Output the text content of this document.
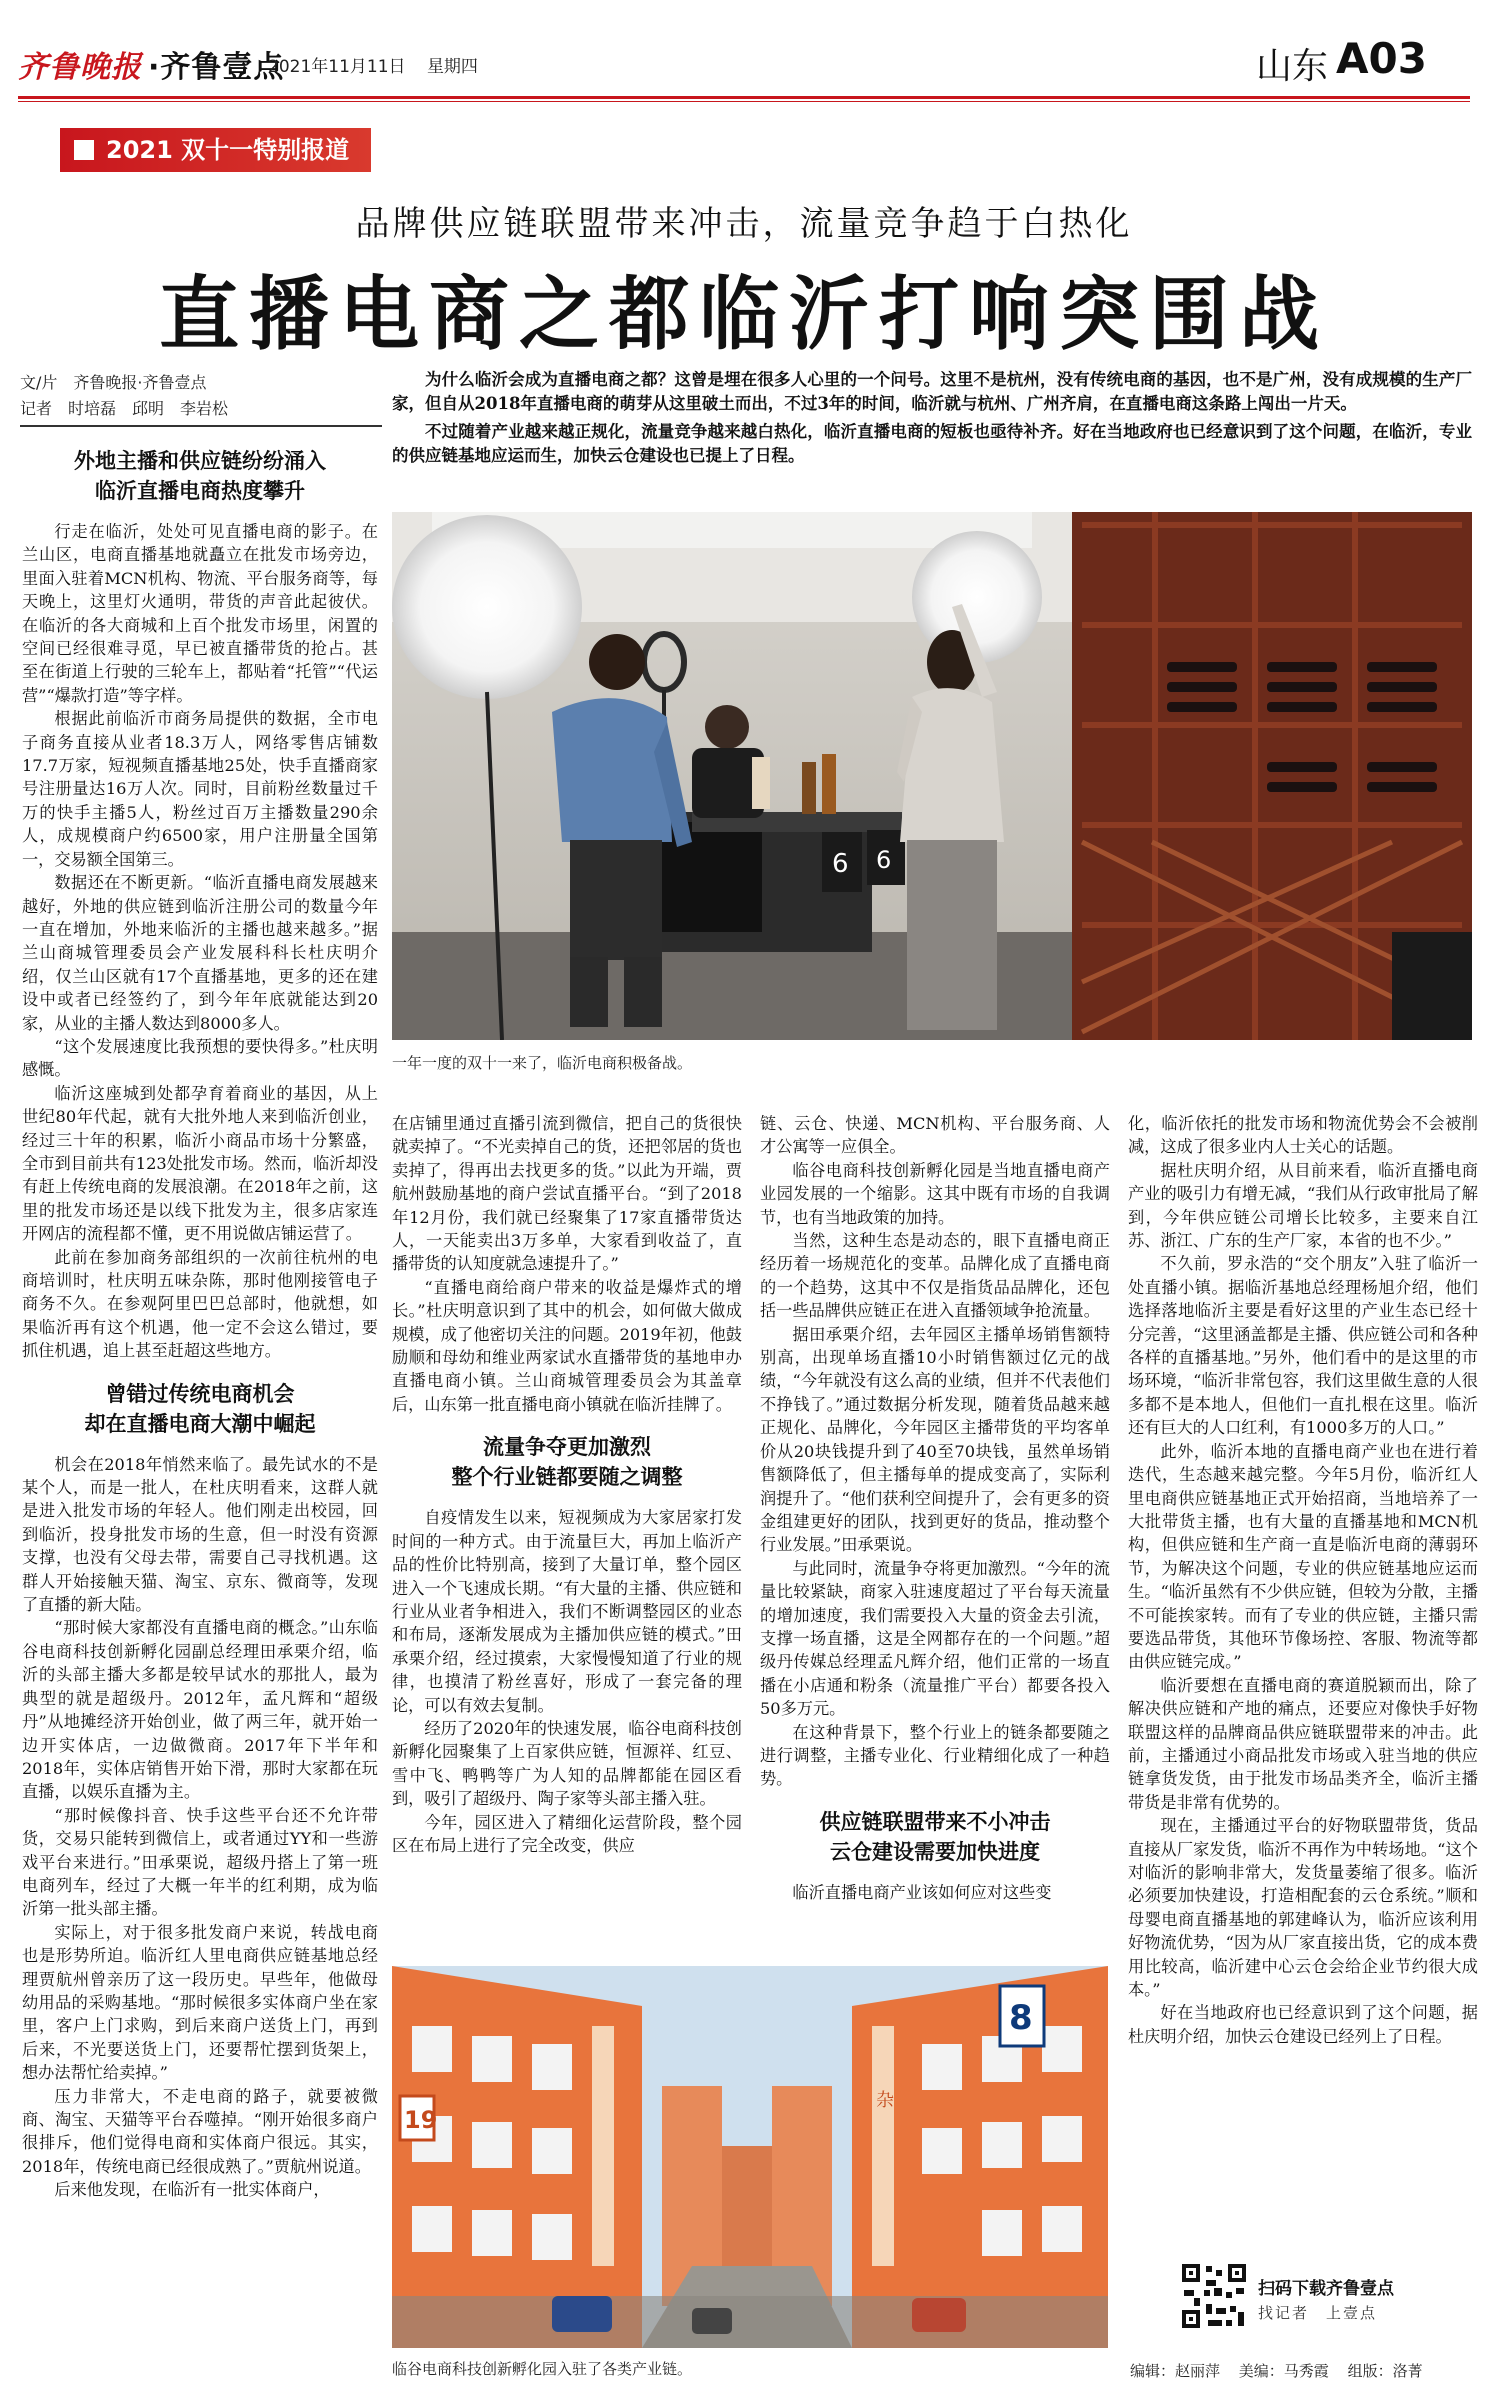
齐鲁晚报 ·齐鲁壹点
2021年11月11日 星期四	山东 A03
2021 双十一特别报道
品牌供应链联盟带来冲击，流量竞争趋于白热化
直播电商之都临沂打响突围战
文/片　齐鲁晚报·齐鲁壹点
记者　时培磊　邱明　李岩松

为什么临沂会成为直播电商之都？这曾是埋在很多人心里的一个问号。这里不是杭州，没有传统电商的基因，也不是广州，没有成规模的生产厂家，但自从2018年直播电商的萌芽从这里破土而出，不过3年的时间，临沂就与杭州、广州齐肩，在直播电商这条路上闯出一片天。

不过随着产业越来越正规化，流量竞争越来越白热化，临沂直播电商的短板也亟待补齐。好在当地政府也已经意识到了这个问题，在临沂，专业的供应链基地应运而生，加快云仓建设也已提上了日程。

6 6
一年一度的双十一来了，临沂电商积极备战。
外地主播和供应链纷纷涌入
临沂直播电商热度攀升

行走在临沂，处处可见直播电商的影子。在兰山区，电商直播基地就矗立在批发市场旁边，里面入驻着MCN机构、物流、平台服务商等，每天晚上，这里灯火通明，带货的声音此起彼伏。在临沂的各大商城和上百个批发市场里，闲置的空间已经很难寻觅，早已被直播带货的抢占。甚至在街道上行驶的三轮车上，都贴着“托管”“代运营”“爆款打造”等字样。

根据此前临沂市商务局提供的数据，全市电子商务直接从业者18.3万人，网络零售店铺数17.7万家，短视频直播基地25处，快手直播商家号注册量达16万人次。同时，目前粉丝数量过千万的快手主播5人，粉丝过百万主播数量290余人，成规模商户约6500家，用户注册量全国第一，交易额全国第三。

数据还在不断更新。“临沂直播电商发展越来越好，外地的供应链到临沂注册公司的数量今年一直在增加，外地来临沂的主播也越来越多。”据兰山商城管理委员会产业发展科科长杜庆明介绍，仅兰山区就有17个直播基地，更多的还在建设中或者已经签约了，到今年年底就能达到20家，从业的主播人数达到8000多人。

“这个发展速度比我预想的要快得多。”杜庆明感慨。

临沂这座城到处都孕育着商业的基因，从上世纪80年代起，就有大批外地人来到临沂创业，经过三十年的积累，临沂小商品市场十分繁盛，全市到目前共有123处批发市场。然而，临沂却没有赶上传统电商的发展浪潮。在2018年之前，这里的批发市场还是以线下批发为主，很多店家连开网店的流程都不懂，更不用说做店铺运营了。

此前在参加商务部组织的一次前往杭州的电商培训时，杜庆明五味杂陈，那时他刚接管电子商务不久。在参观阿里巴巴总部时，他就想，如果临沂再有这个机遇，他一定不会这么错过，要抓住机遇，追上甚至赶超这些地方。

曾错过传统电商机会
却在直播电商大潮中崛起

机会在2018年悄然来临了。最先试水的不是某个人，而是一批人，在杜庆明看来，这群人就是进入批发市场的年轻人。他们刚走出校园，回到临沂，投身批发市场的生意，但一时没有资源支撑，也没有父母去带，需要自己寻找机遇。这群人开始接触天猫、淘宝、京东、微商等，发现了直播的新大陆。

“那时候大家都没有直播电商的概念。”山东临谷电商科技创新孵化园副总经理田承栗介绍，临沂的头部主播大多都是较早试水的那批人，最为典型的就是超级丹。2012年，孟凡辉和“超级丹”从地摊经济开始创业，做了两三年，就开始一边开实体店，一边做微商。2017年下半年和2018年，实体店销售开始下滑，那时大家都在玩直播，以娱乐直播为主。

“那时候像抖音、快手这些平台还不允许带货，交易只能转到微信上，或者通过YY和一些游戏平台来进行。”田承栗说，超级丹搭上了第一班电商列车，经过了大概一年半的红利期，成为临沂第一批头部主播。

实际上，对于很多批发商户来说，转战电商也是形势所迫。临沂红人里电商供应链基地总经理贾航州曾亲历了这一段历史。早些年，他做母幼用品的采购基地。“那时候很多实体商户坐在家里，客户上门求购，到后来商户送货上门，再到后来，不光要送货上门，还要帮忙摆到货架上，想办法帮忙给卖掉。”

压力非常大，不走电商的路子，就要被微商、淘宝、天猫等平台吞噬掉。“刚开始很多商户很排斥，他们觉得电商和实体商户很远。其实，2018年，传统电商已经很成熟了。”贾航州说道。

后来他发现，在临沂有一批实体商户，

在店铺里通过直播引流到微信，把自己的货很快就卖掉了。“不光卖掉自己的货，还把邻居的货也卖掉了，得再出去找更多的货。”以此为开端，贾航州鼓励基地的商户尝试直播平台。“到了2018年12月份，我们就已经聚集了17家直播带货达人，一天能卖出3万多单，大家看到收益了，直播带货的认知度就急速提升了。”

“直播电商给商户带来的收益是爆炸式的增长。”杜庆明意识到了其中的机会，如何做大做成规模，成了他密切关注的问题。2019年初，他鼓励顺和母幼和维业两家试水直播带货的基地申办直播电商小镇。兰山商城管理委员会为其盖章后，山东第一批直播电商小镇就在临沂挂牌了。

流量争夺更加激烈
整个行业链都要随之调整

自疫情发生以来，短视频成为大家居家打发时间的一种方式。由于流量巨大，再加上临沂产品的性价比特别高，接到了大量订单，整个园区进入一个飞速成长期。“有大量的主播、供应链和行业从业者争相进入，我们不断调整园区的业态和布局，逐渐发展成为主播加供应链的模式。”田承栗介绍，经过摸索，大家慢慢知道了行业的规律，也摸清了粉丝喜好，形成了一套完备的理论，可以有效去复制。

经历了2020年的快速发展，临谷电商科技创新孵化园聚集了上百家供应链，恒源祥、红豆、雪中飞、鸭鸭等广为人知的品牌都能在园区看到，吸引了超级丹、陶子家等头部主播入驻。

今年，园区进入了精细化运营阶段，整个园区在布局上进行了完全改变，供应

链、云仓、快递、MCN机构、平台服务商、人才公寓等一应俱全。

临谷电商科技创新孵化园是当地直播电商产业园发展的一个缩影。这其中既有市场的自我调节，也有当地政策的加持。

当然，这种生态是动态的，眼下直播电商正经历着一场规范化的变革。品牌化成了直播电商的一个趋势，这其中不仅是指货品品牌化，还包括一些品牌供应链正在进入直播领域争抢流量。

据田承栗介绍，去年园区主播单场销售额特别高，出现单场直播10小时销售额过亿元的战绩，“今年就没有这么高的业绩，但并不代表他们不挣钱了。”通过数据分析发现，随着货品越来越正规化、品牌化，今年园区主播带货的平均客单价从20块钱提升到了40至70块钱，虽然单场销售额降低了，但主播每单的提成变高了，实际利润提升了。“他们获利空间提升了，会有更多的资金组建更好的团队，找到更好的货品，推动整个行业发展。”田承栗说。

与此同时，流量争夺将更加激烈。“今年的流量比较紧缺，商家入驻速度超过了平台每天流量的增加速度，我们需要投入大量的资金去引流，支撑一场直播，这是全网都存在的一个问题。”超级丹传媒总经理孟凡辉介绍，他们正常的一场直播在小店通和粉条（流量推广平台）都要各投入50多万元。

在这种背景下，整个行业上的链条都要随之进行调整，主播专业化、行业精细化成了一种趋势。

供应链联盟带来不小冲击
云仓建设需要加快进度

临沂直播电商产业该如何应对这些变

化，临沂依托的批发市场和物流优势会不会被削减，这成了很多业内人士关心的话题。

据杜庆明介绍，从目前来看，临沂直播电商产业的吸引力有增无减，“我们从行政审批局了解到，今年供应链公司增长比较多，主要来自江苏、浙江、广东的生产厂家，本省的也不少。”

不久前，罗永浩的“交个朋友”入驻了临沂一处直播小镇。据临沂基地总经理杨旭介绍，他们选择落地临沂主要是看好这里的产业生态已经十分完善，“这里涵盖都是主播、供应链公司和各种各样的直播基地。”另外，他们看中的是这里的市场环境，“临沂非常包容，我们这里做生意的人很多都不是本地人，但他们一直扎根在这里。临沂还有巨大的人口红利，有1000多万的人口。”

此外，临沂本地的直播电商产业也在进行着迭代，生态越来越完整。今年5月份，临沂红人里电商供应链基地正式开始招商，当地培养了一大批带货主播，也有大量的直播基地和MCN机构，但供应链和生产商一直是临沂电商的薄弱环节，为解决这个问题，专业的供应链基地应运而生。“临沂虽然有不少供应链，但较为分散，主播不可能挨家转。而有了专业的供应链，主播只需要选品带货，其他环节像场控、客服、物流等都由供应链完成。”

临沂要想在直播电商的赛道脱颖而出，除了解决供应链和产地的痛点，还要应对像快手好物联盟这样的品牌商品供应链联盟带来的冲击。此前，主播通过小商品批发市场或入驻当地的供应链拿货发货，由于批发市场品类齐全，临沂主播带货是非常有优势的。

现在，主播通过平台的好物联盟带货，货品直接从厂家发货，临沂不再作为中转场地。“这个对临沂的影响非常大，发货量萎缩了很多。临沂必须要加快建设，打造相配套的云仓系统。”顺和母婴电商直播基地的郭建峰认为，临沂应该利用好物流优势，“因为从厂家直接出货，它的成本费用比较高，临沂建中心云仓会给企业节约很大成本。”

好在当地政府也已经意识到了这个问题，据杜庆明介绍，加快云仓建设已经列上了日程。

19
8
杂
临谷电商科技创新孵化园入驻了各类产业链。
扫码下载齐鲁壹点
找记者　上壹点
编辑：赵丽萍 美编：马秀霞 组版：洛菁
